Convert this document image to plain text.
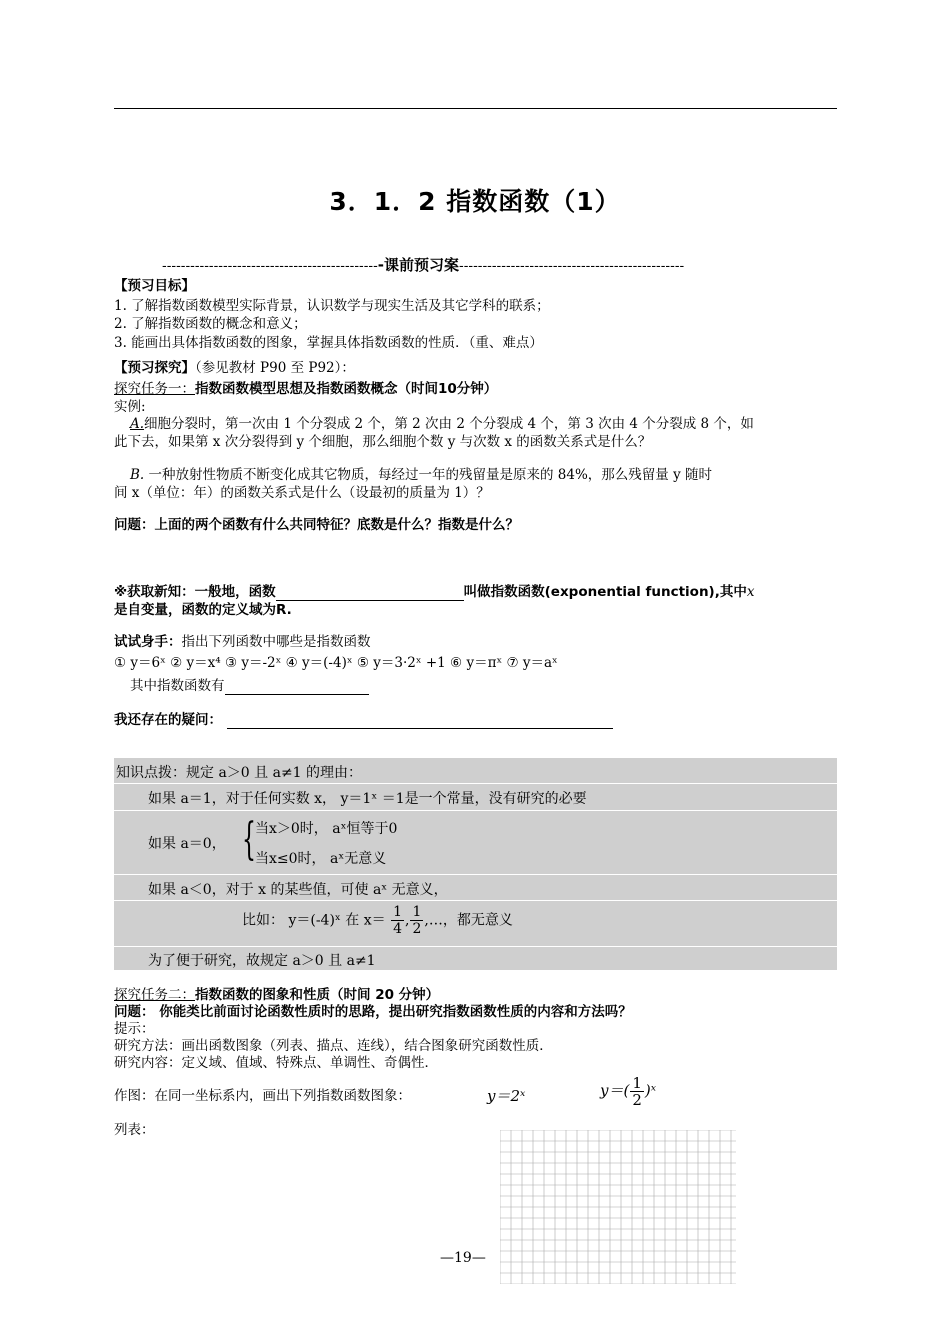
3．1．2 指数函数（1）
-----------------------------------------------课前预习案------------------------------------------------
【预习目标】
1. 了解指数函数模型实际背景，认识数学与现实生活及其它学科的联系；
2. 了解指数函数的概念和意义；
3. 能画出具体指数函数的图象，掌握具体指数函数的性质．（重、难点）
【预习探究】（参见教材 P90 至 P92）：
探究任务一：指数函数模型思想及指数函数概念（时间10分钟）
实例:
A.细胞分裂时，第一次由 1 个分裂成 2 个，第 2 次由 2 个分裂成 4 个，第 3 次由 4 个分裂成 8 个，如
此下去，如果第 x 次分裂得到 y 个细胞，那么细胞个数 y 与次数 x 的函数关系式是什么？
B. 一种放射性物质不断变化成其它物质，每经过一年的残留量是原来的 84%，那么残留量 y 随时
间 x（单位：年）的函数关系式是什么（设最初的质量为 1）？
问题：上面的两个函数有什么共同特征？底数是什么？指数是什么？
※获取新知：一般地，函数	叫做指数函数(exponential function),其中x
是自变量，函数的定义域为R.
试试身手：指出下列函数中哪些是指数函数
① y＝6ˣ ② y＝x⁴ ③ y＝-2ˣ ④ y＝(-4)ˣ ⑤ y＝3·2ˣ +1 ⑥ y＝πˣ ⑦ y＝aˣ
其中指数函数有
我还存在的疑问：
知识点拨：规定 a＞0 且 a≠1 的理由：
如果 a＝1，对于任何实数 x， y＝1ˣ ＝1是一个常量，没有研究的必要
如果 a＝0， { 当x＞0时， aˣ恒等于0
当x≤0时， aˣ无意义
如果 a＜0，对于 x 的某些值，可使 aˣ 无意义，
比如： y＝(-4)ˣ 在 $x= \frac{1}{4}$ , $\frac{1}{2}$ ,…，都无意义
为了便于研究，故规定 a＞0 且 a≠1
探究任务二：指数函数的图象和性质（时间 20 分钟）
问题： 你能类比前面讨论函数性质时的思路，提出研究指数函数性质的内容和方法吗？
提示：
研究方法：画出函数图象（列表、描点、连线），结合图象研究函数性质．
研究内容：定义域、值域、特殊点、单调性、奇偶性．
作图：在同一坐标系内，画出下列指数函数图象：	y＝2ˣ	$y=( \frac{1}{2}$ )ˣ
列表：
—19—
